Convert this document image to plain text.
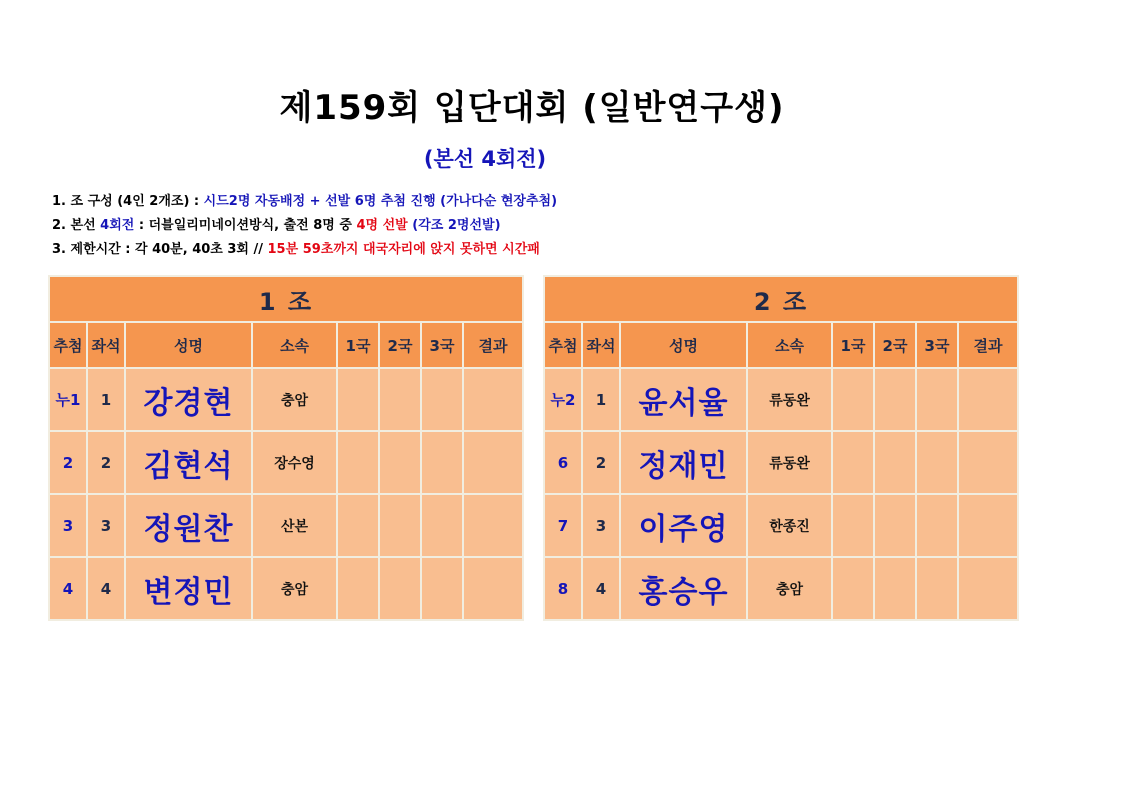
제159회 입단대회 (일반연구생)
(본선 4회전)
1. 조 구성 (4인 2개조) : 시드2명 자동배정 + 선발 6명 추첨 진행 (가나다순 현장추첨)
2. 본선 4회전 : 더블일리미네이션방식, 출전 8명 중 4명 선발 (각조 2명선발)
3. 제한시간 : 각 40분, 40초 3회 // 15분 59초까지 대국자리에 앉지 못하면 시간패
1 조							
추첨	좌석	성명	소속	1국	2국	3국	결과
누1	1	강경현	충암				
2	2	김현석	장수영				
3	3	정원찬	산본				
4	4	변정민	충암				
2 조							
추첨	좌석	성명	소속	1국	2국	3국	결과
누2	1	윤서율	류동완				
6	2	정재민	류동완				
7	3	이주영	한종진				
8	4	홍승우	충암				
